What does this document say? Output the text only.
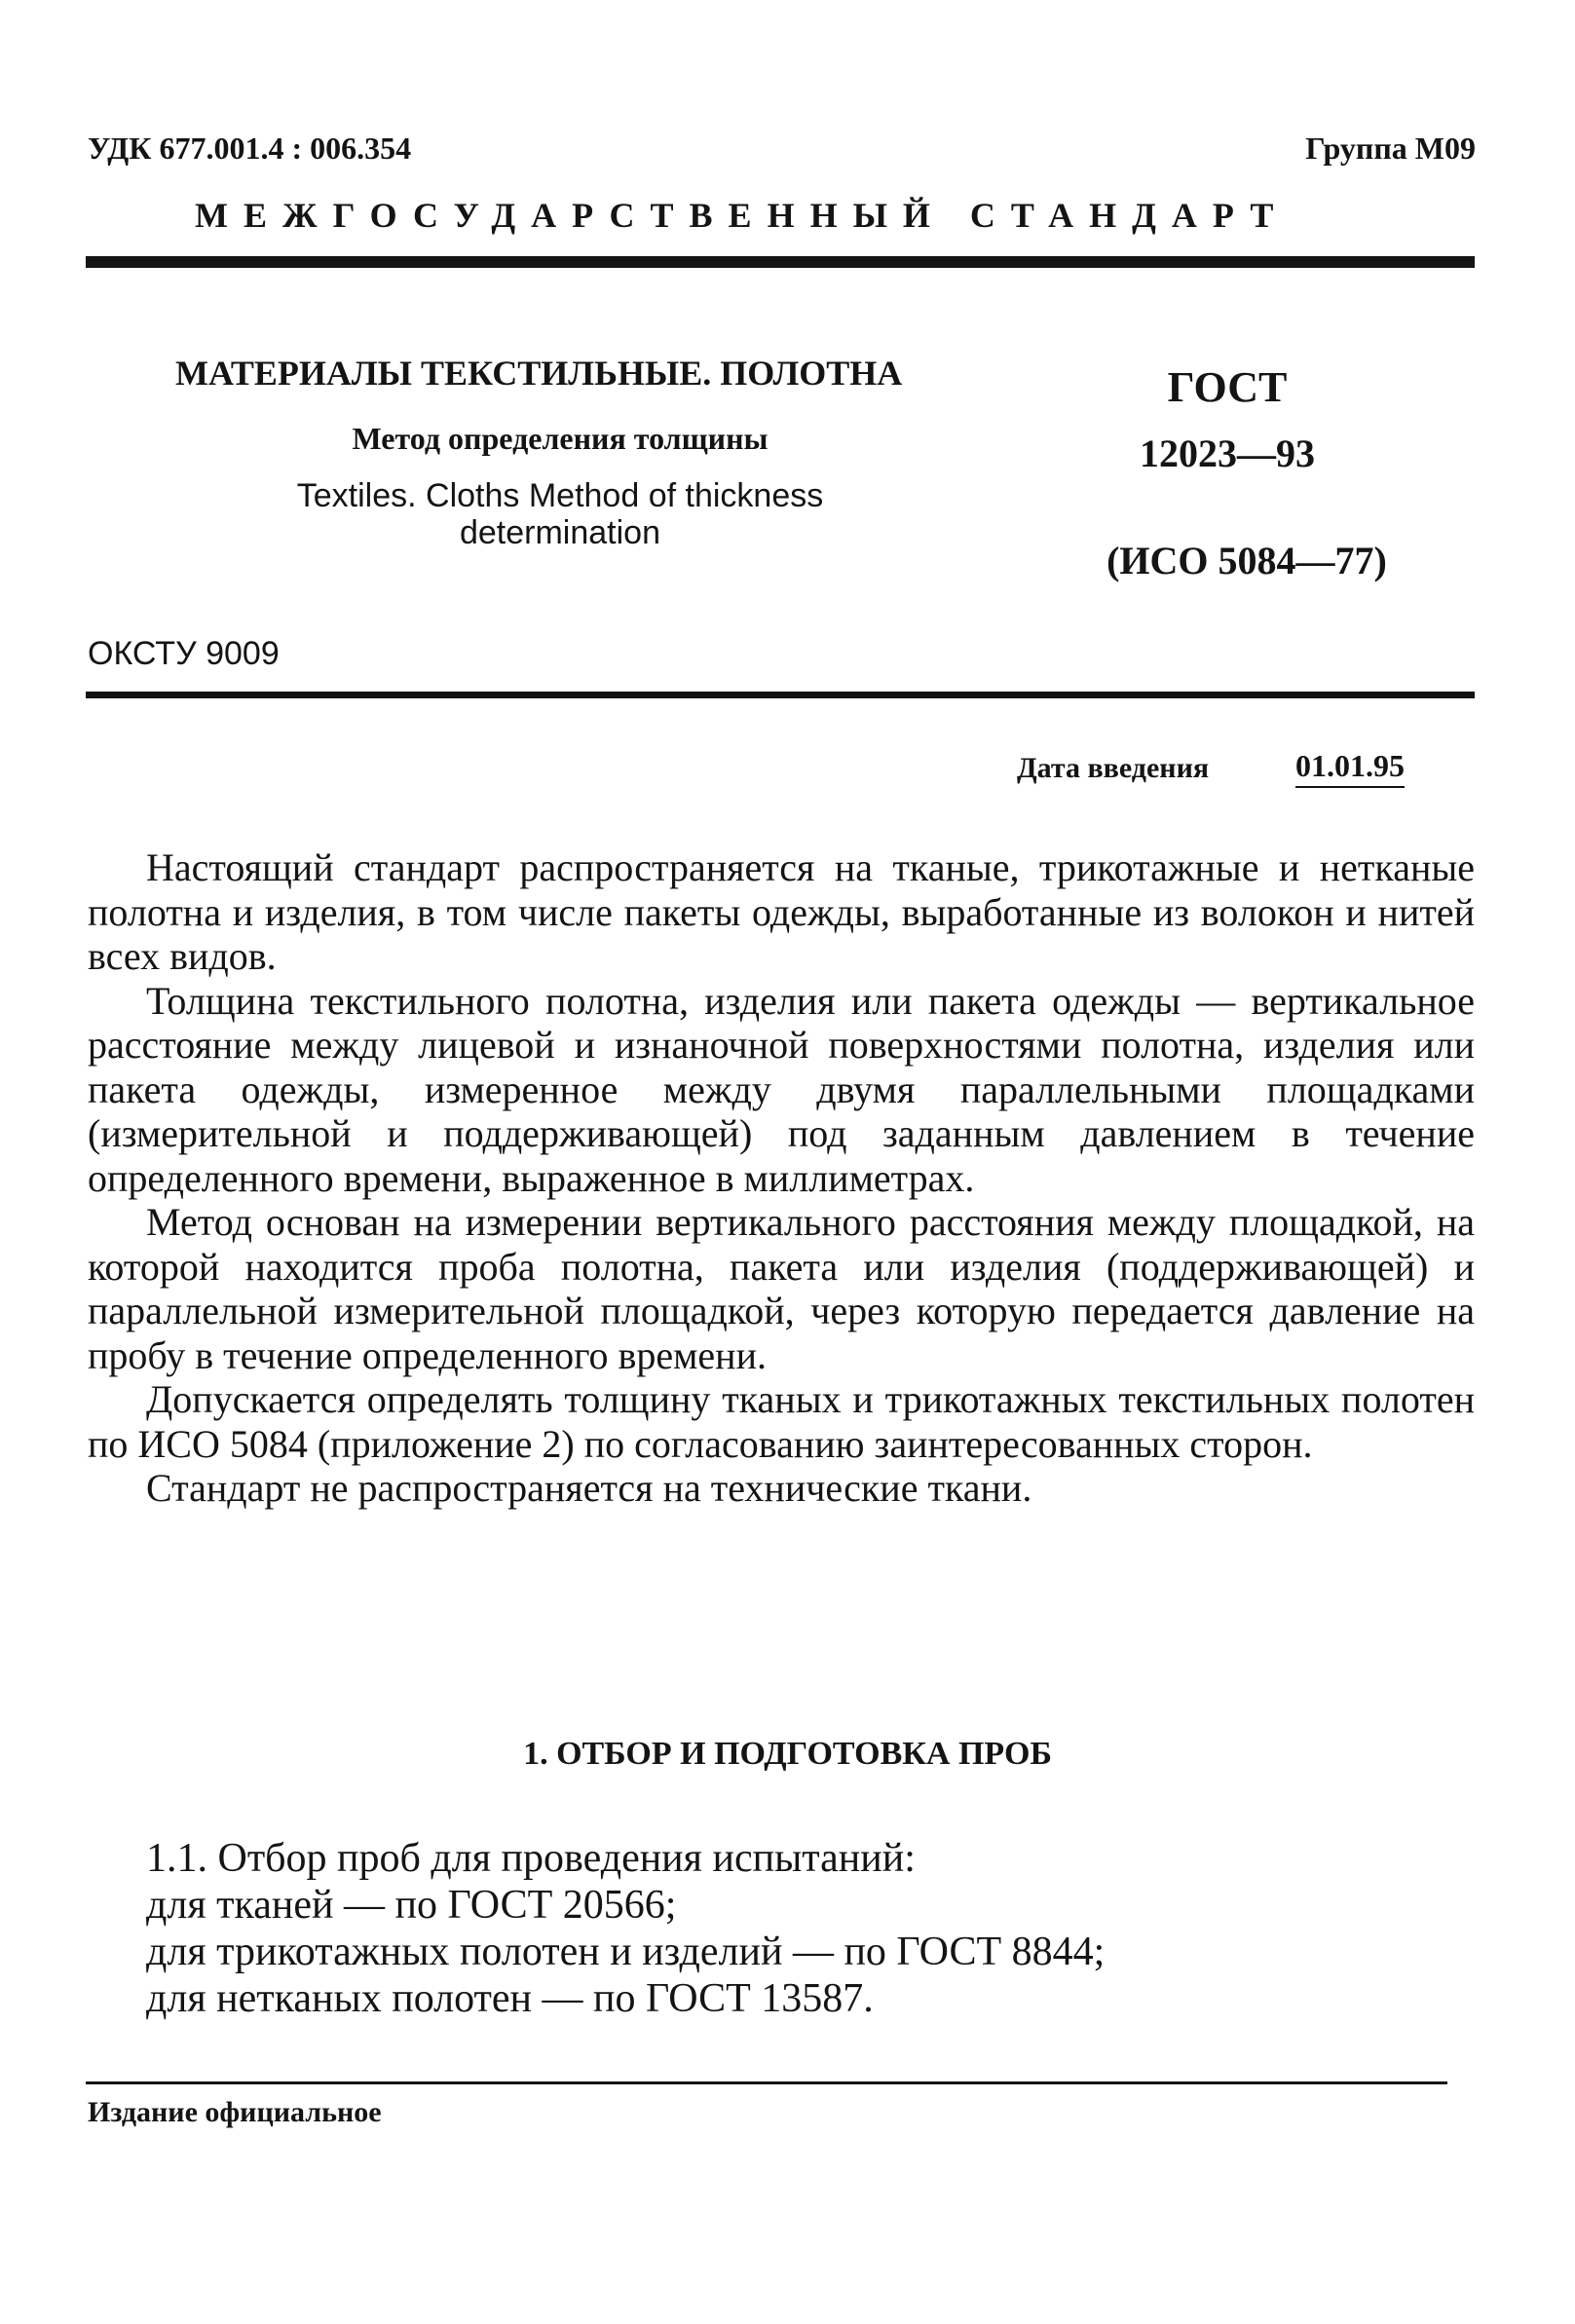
УДК 677.001.4 : 006.354	Группа М09
МЕЖГОСУДАРСТВЕННЫЙ СТАНДАРТ
МАТЕРИАЛЫ ТЕКСТИЛЬНЫЕ. ПОЛОТНА
Метод определения толщины
Textiles. Cloths Method of thickness
determination
ГОСТ
12023—93
(ИСО 5084—77)
ОКСТУ 9009
Дата введения	01.01.95

Настоящий стандарт распространяется на тканые, трикотажные и нетканые полотна и изделия, в том числе пакеты одежды, выработанные из волокон и нитей всех видов.

Толщина текстильного полотна, изделия или пакета одежды — вертикальное расстояние между лицевой и изнаночной поверхностями полотна, изделия или пакета одежды, измеренное между двумя параллельными площадками (измерительной и поддерживающей) под заданным давлением в течение определенного времени, выраженное в миллиметрах.

Метод основан на измерении вертикального расстояния между площадкой, на которой находится проба полотна, пакета или изделия (поддерживающей) и параллельной измерительной площадкой, через которую передается давление на пробу в течение определенного времени.

Допускается определять толщину тканых и трикотажных текстильных полотен по ИСО 5084 (приложение 2) по согласованию заинтересованных сторон.

Стандарт не распространяется на технические ткани.

1. ОТБОР И ПОДГОТОВКА ПРОБ
1.1. Отбор проб для проведения испытаний:
для тканей — по ГОСТ 20566;
для трикотажных полотен и изделий — по ГОСТ 8844;
для нетканых полотен — по ГОСТ 13587.
Издание официальное
